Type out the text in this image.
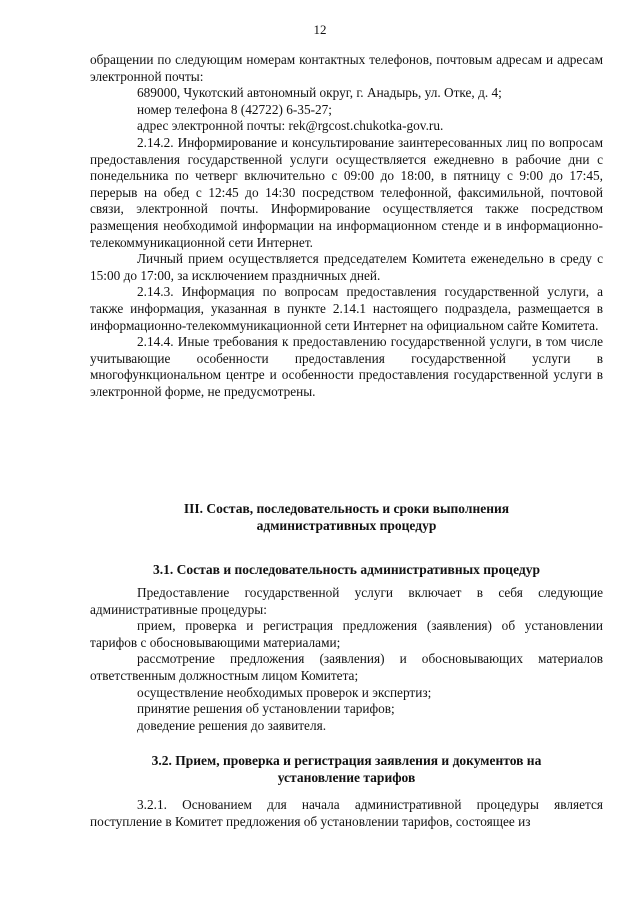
12

обращении по следующим номерам контактных телефонов, почтовым адресам и адресам электронной почты:

689000, Чукотский автономный округ, г. Анадырь, ул. Отке, д. 4;

номер телефона 8 (42722) 6-35-27;

адрес электронной почты: rek@rgcost.chukotka-gov.ru.

2.14.2. Информирование и консультирование заинтересованных лиц по вопросам предоставления государственной услуги осуществляется ежедневно в рабочие дни с понедельника по четверг включительно с 09:00 до 18:00, в пятницу с 9:00 до 17:45, перерыв на обед с 12:45 до 14:30 посредством телефонной, факсимильной, почтовой связи, электронной почты. Информирование осуществляется также посредством размещения необходимой информации на информационном стенде и в информационно-телекоммуникационной сети Интернет.

Личный прием осуществляется председателем Комитета еженедельно в среду с 15:00 до 17:00, за исключением праздничных дней.

2.14.3. Информация по вопросам предоставления государственной услуги, а также информация, указанная в пункте 2.14.1 настоящего подраздела, размещается в информационно-телекоммуникационной сети Интернет на официальном сайте Комитета.

2.14.4. Иные требования к предоставлению государственной услуги, в том числе учитывающие особенности предоставления государственной услуги в многофункциональном центре и особенности предоставления государственной услуги в электронной форме, не предусмотрены.

III. Состав, последовательность и сроки выполнения

административных процедур

3.1. Состав и последовательность административных процедур

Предоставление государственной услуги включает в себя следующие административные процедуры:

прием, проверка и регистрация предложения (заявления) об установлении тарифов с обосновывающими материалами;

рассмотрение предложения (заявления) и обосновывающих материалов ответственным должностным лицом Комитета;

осуществление необходимых проверок и экспертиз;

принятие решения об установлении тарифов;

доведение решения до заявителя.

3.2. Прием, проверка и регистрация заявления и документов на

установление тарифов

3.2.1. Основанием для начала административной процедуры является поступление в Комитет предложения об установлении тарифов, состоящее из
